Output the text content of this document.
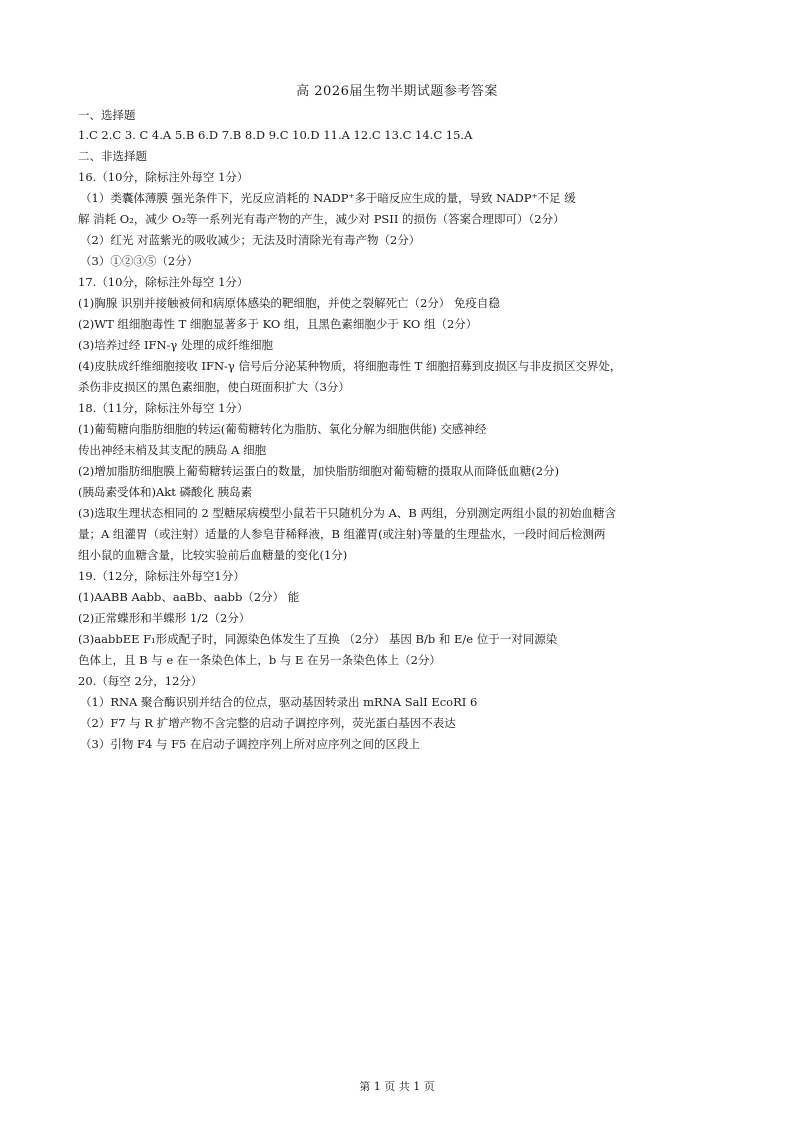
高 2026届生物半期试题参考答案
一、选择题
1.C 2.C 3. C 4.A 5.B 6.D 7.B 8.D 9.C 10.D 11.A 12.C 13.C 14.C 15.A
二、非选择题
16.（10分，除标注外每空 1分）
（1）类囊体薄膜 强光条件下，光反应消耗的 NADP⁺多于暗反应生成的量，导致 NADP⁺不足 缓
解 消耗 O₂，减少 O₂等一系列光有毒产物的产生，减少对 PSII 的损伤（答案合理即可）（2分）
（2）红光 对蓝紫光的吸收减少；无法及时清除光有毒产物（2分）
（3）①②③⑤（2分）
17.（10分，除标注外每空 1分）
(1)胸腺 识别并接触被伺和病原体感染的靶细胞，并使之裂解死亡（2分） 免疫自稳
(2)WT 组细胞毒性 T 细胞显著多于 KO 组，且黑色素细胞少于 KO 组（2分）
(3)培养过经 IFN-γ 处理的成纤维细胞
(4)皮肤成纤维细胞接收 IFN-γ 信号后分泌某种物质，将细胞毒性 T 细胞招募到皮损区与非皮损区交界处，
杀伤非皮损区的黑色素细胞，使白斑面积扩大（3分）
18.（11分，除标注外每空 1分）
(1)葡萄糖向脂肪细胞的转运(葡萄糖转化为脂肪、氧化分解为细胞供能) 交感神经
传出神经末梢及其支配的胰岛 A 细胞
(2)增加脂肪细胞膜上葡萄糖转运蛋白的数量，加快脂肪细胞对葡萄糖的摄取从而降低血糖(2分)
(胰岛素受体和)Akt 磷酸化 胰岛素
(3)选取生理状态相同的 2 型糖尿病模型小鼠若干只随机分为 A、B 两组，分别测定两组小鼠的初始血糖含
量；A 组灌胃（或注射）适量的人参皂苷稀释液，B 组灌胃(或注射)等量的生理盐水，一段时间后检测两
组小鼠的血糖含量，比较实验前后血糖量的变化(1分)
19.（12分，除标注外每空1分）
(1)AABB Aabb、aaBb、aabb（2分） 能
(2)正常蝶形和半蝶形 1/2（2分）
(3)aabbEE F₁形成配子时，同源染色体发生了互换 （2分） 基因 B/b 和 E/e 位于一对同源染
色体上，且 B 与 e 在一条染色体上，b 与 E 在另一条染色体上（2分）
20.（每空 2分，12分）
（1）RNA 聚合酶识别并结合的位点，驱动基因转录出 mRNA SalI EcoRI 6
（2）F7 与 R 扩增产物不含完整的启动子调控序列，荧光蛋白基因不表达
（3）引物 F4 与 F5 在启动子调控序列上所对应序列之间的区段上
第 1 页 共 1 页
